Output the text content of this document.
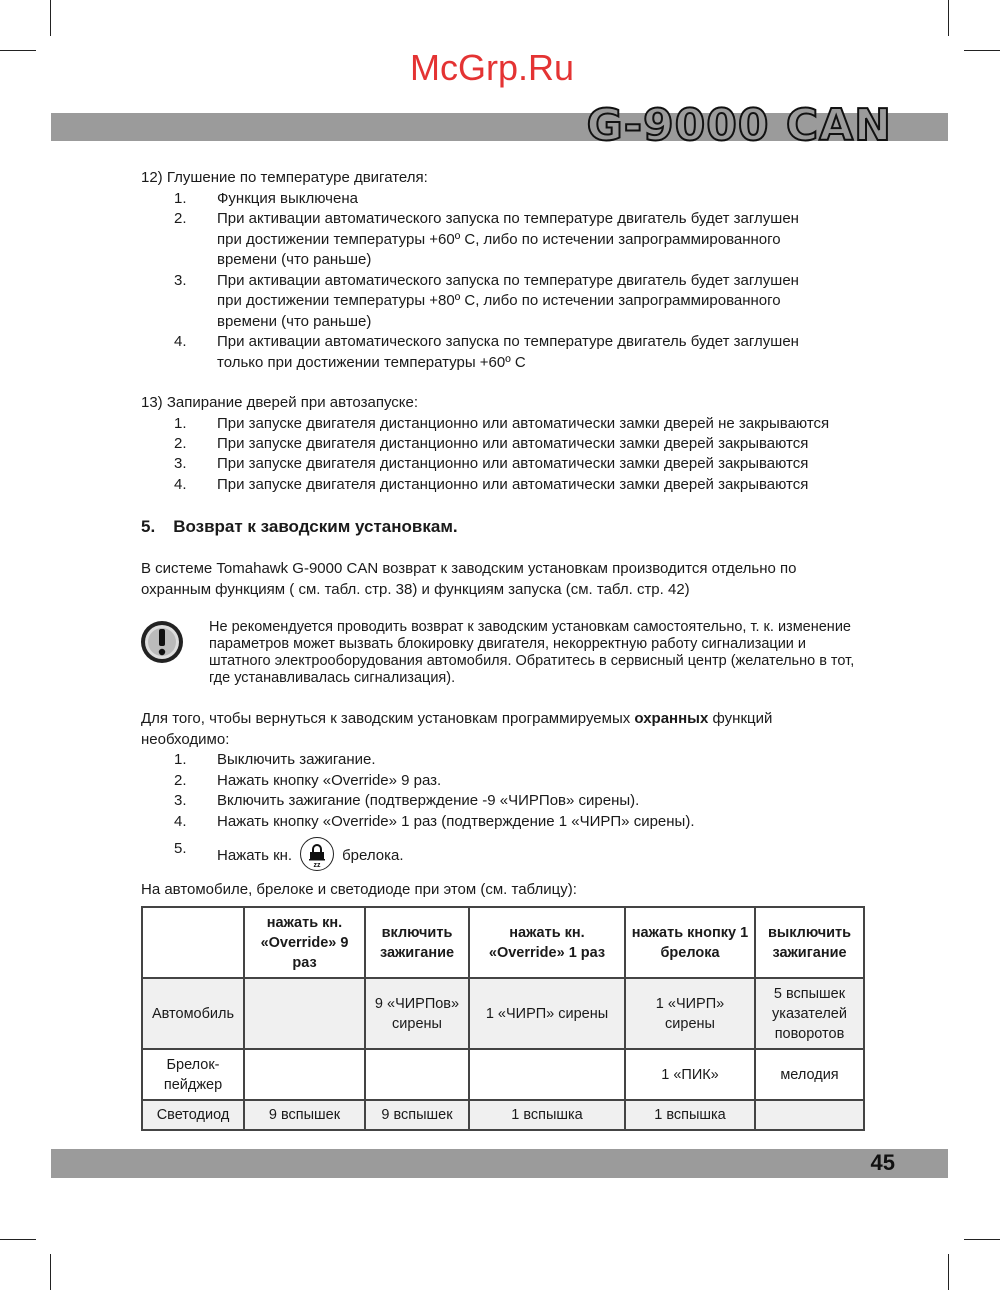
McGrp.Ru
G-9000 CAN
5. Возврат к заводским установкам.
Не рекомендуется проводить возврат к заводским установкам самостоятельно, т. к. изменение параметров может вызвать блокировку двигателя, некорректную работу сигнализации и штатного электрооборудования автомобиля. Обратитесь в сервисный центр (желательно в тот, где устанавливалась сигнализация).
Для того, чтобы вернуться к заводским установкам программируемых охранных функций
необходимо:
5. Нажать кн.
zz
брелока.
На автомобиле, брелоке и светодиоде при этом (см. таблицу):
	нажать кн. «Override» 9 раз	включить зажигание	нажать кн. «Override» 1 раз	нажать кнопку 1 брелока	выключить зажигание
Автомобиль		9 «ЧИРПов» сирены	1 «ЧИРП» сирены	1 «ЧИРП» сирены	5 вспышек указателей поворотов
Брелок-пейджер				1 «ПИК»	мелодия
Светодиод	9 вспышек	9 вспышек	1 вспышка	1 вспышка	
45
12) Глушение по температуре двигателя:
1. Функция выключена
2. При активации автоматического запуска по температуре двигатель будет заглушен
при достижении температуры +60º С, либо по истечении запрограммированного
времени (что раньше)
3. При активации автоматического запуска по температуре двигатель будет заглушен
при достижении температуры +80º С, либо по истечении запрограммированного
времени (что раньше)
4. При активации автоматического запуска по температуре двигатель будет заглушен
только при достижении температуры +60º С
13) Запирание дверей при автозапуске:
1. При запуске двигателя дистанционно или автоматически замки дверей не закрываются
2. При запуске двигателя дистанционно или автоматически замки дверей закрываются
3. При запуске двигателя дистанционно или автоматически замки дверей закрываются
4. При запуске двигателя дистанционно или автоматически замки дверей закрываются
В системе Tomahawk G-9000 CAN возврат к заводским установкам производится отдельно по
охранным функциям ( см. табл. стр. 38) и функциям запуска (см. табл. стр. 42)
1. Выключить зажигание.
2. Нажать кнопку «Override» 9 раз.
3. Включить зажигание (подтверждение -9 «ЧИРПов» сирены).
4. Нажать кнопку «Override» 1 раз (подтверждение 1 «ЧИРП» сирены).
